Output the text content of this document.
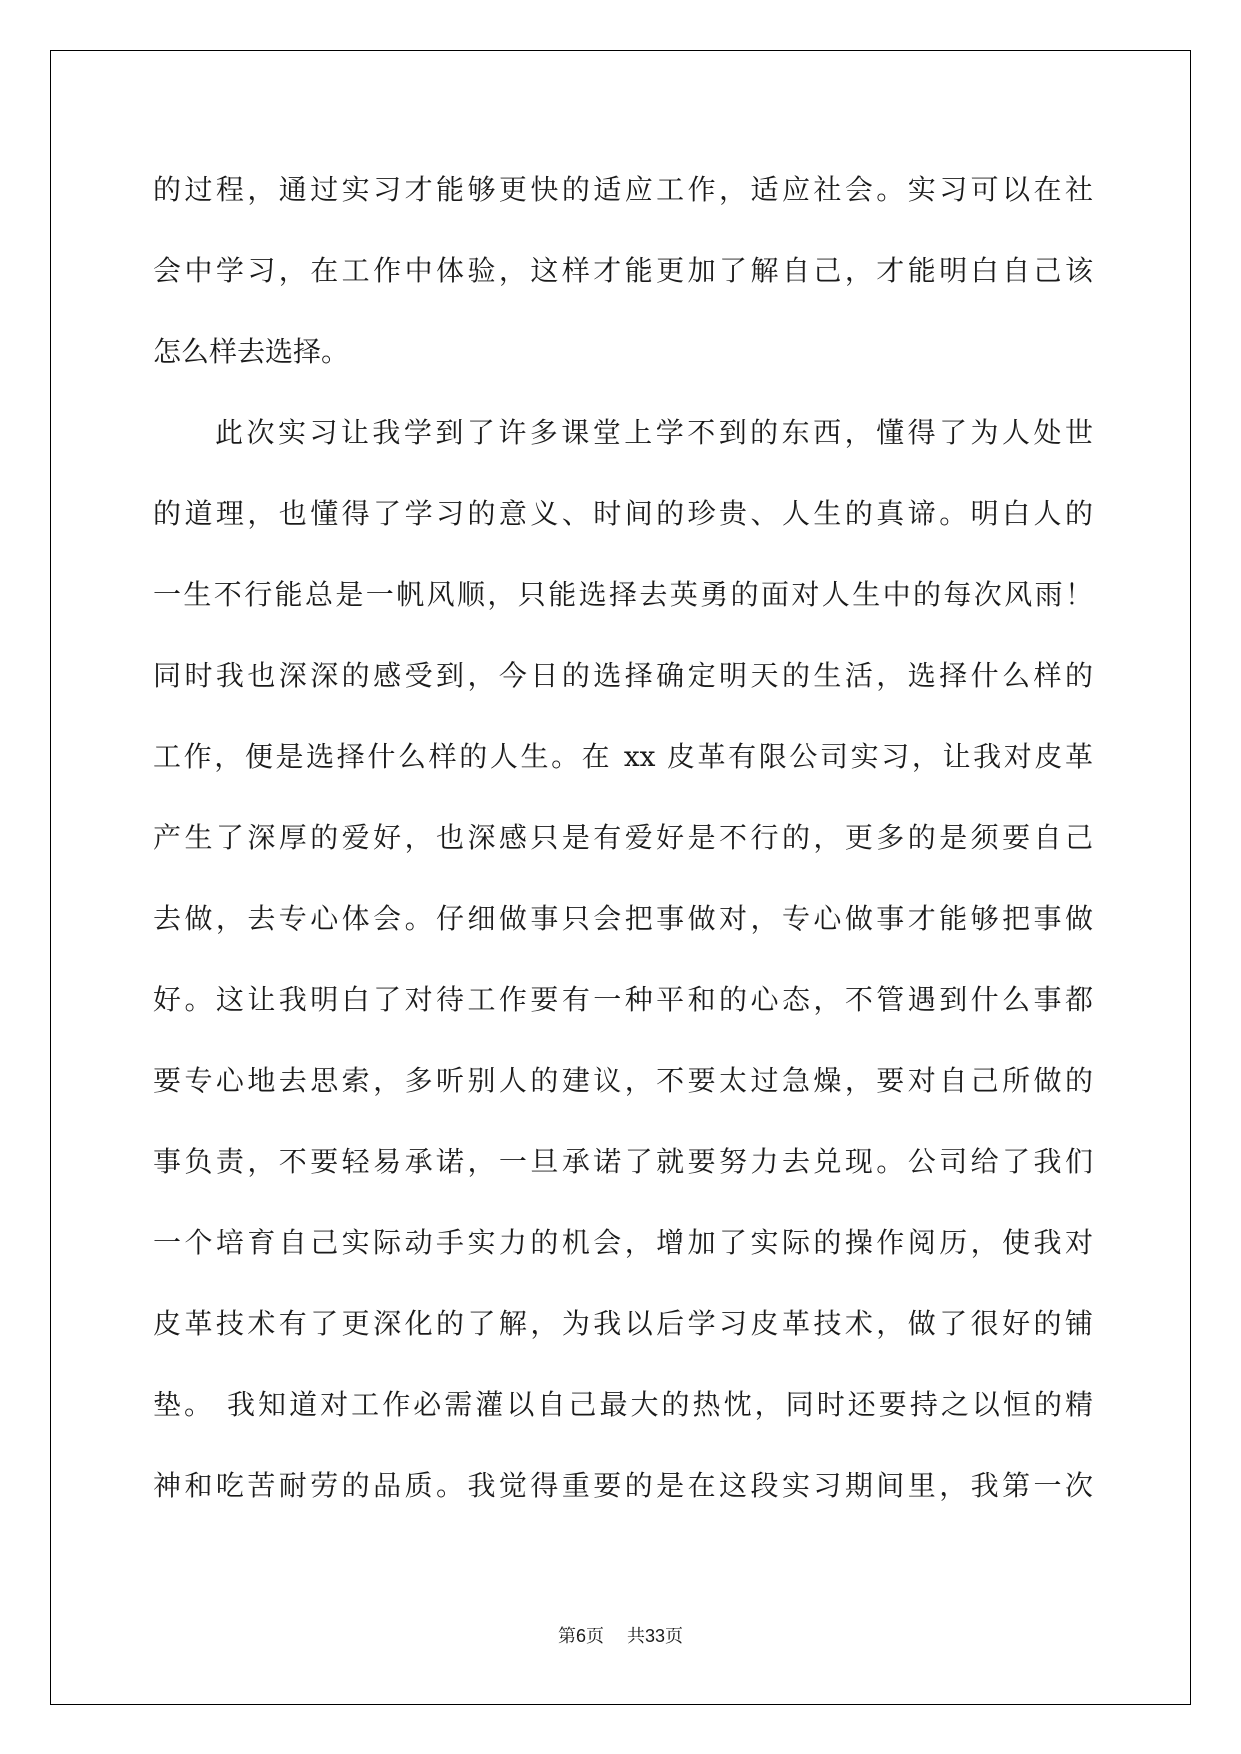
的过程，通过实习才能够更快的适应工作，适应社会。实习可以在社
会中学习，在工作中体验，这样才能更加了解自己，才能明白自己该
怎么样去选择。
此次实习让我学到了许多课堂上学不到的东西，懂得了为人处世
的道理，也懂得了学习的意义、时间的珍贵、人生的真谛。明白人的
一生不行能总是一帆风顺，只能选择去英勇的面对人生中的每次风雨！
同时我也深深的感受到，今日的选择确定明天的生活，选择什么样的
工作，便是选择什么样的人生。在 xx 皮革有限公司实习，让我对皮革
产生了深厚的爱好，也深感只是有爱好是不行的，更多的是须要自己
去做，去专心体会。仔细做事只会把事做对，专心做事才能够把事做
好。这让我明白了对待工作要有一种平和的心态，不管遇到什么事都
要专心地去思索，多听别人的建议，不要太过急燥，要对自己所做的
事负责，不要轻易承诺，一旦承诺了就要努力去兑现。公司给了我们
一个培育自己实际动手实力的机会，增加了实际的操作阅历，使我对
皮革技术有了更深化的了解，为我以后学习皮革技术，做了很好的铺
垫。 我知道对工作必需灌以自己最大的热忱，同时还要持之以恒的精
神和吃苦耐劳的品质。我觉得重要的是在这段实习期间里，我第一次
第6页 共33页
